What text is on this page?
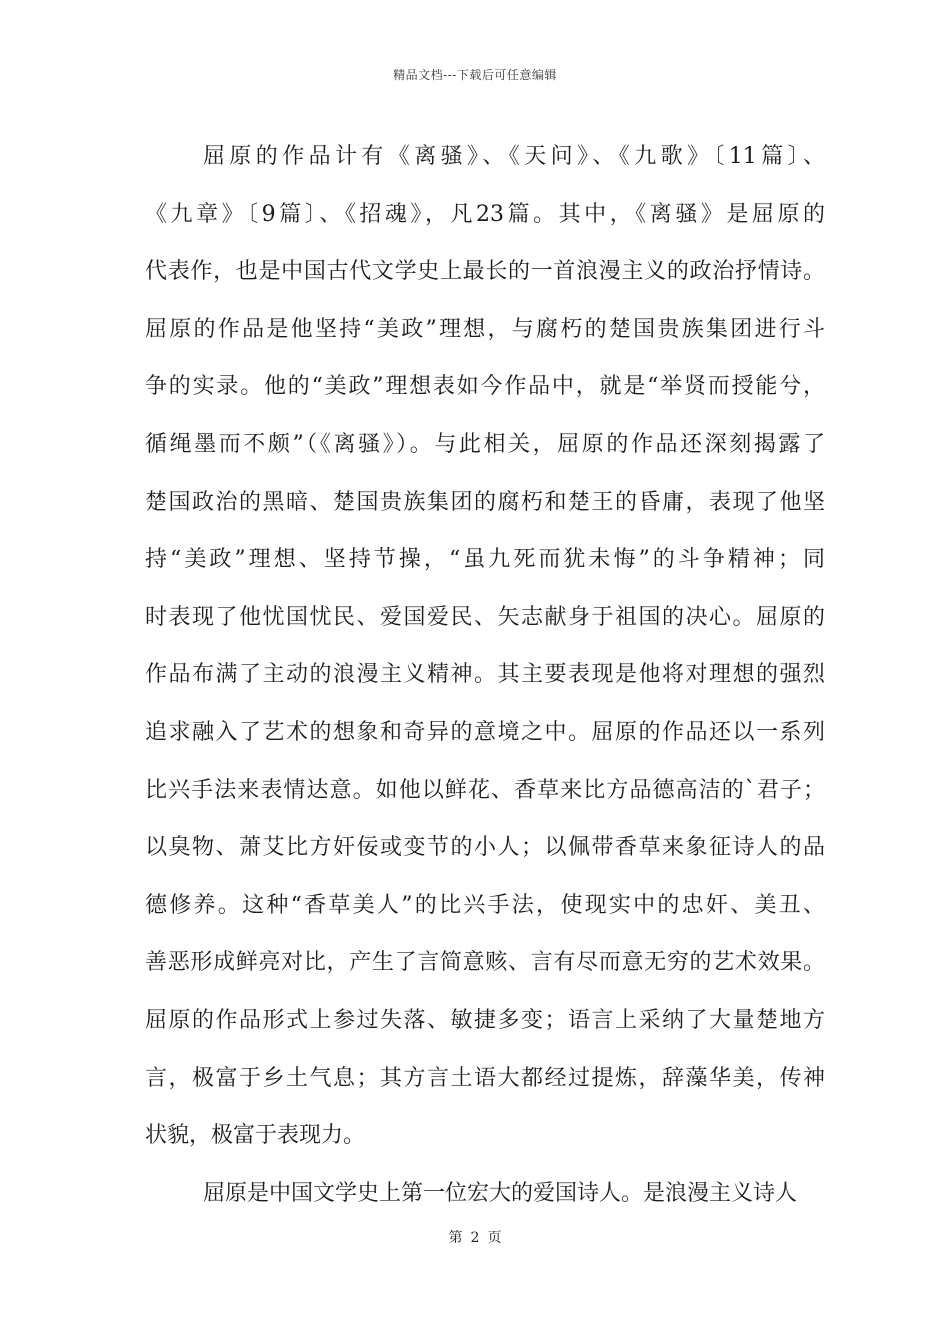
精品文档---下载后可任意编辑
屈原的作品计有《离骚》、《天问》、《九歌》〔11篇〕、
《九章》〔9篇〕、《招魂》，凡23篇。其中，《离骚》是屈原的
代表作，也是中国古代文学史上最长的一首浪漫主义的政治抒情诗。
屈原的作品是他坚持“美政”理想，与腐朽的楚国贵族集团进行斗
争的实录。他的“美政”理想表如今作品中，就是“举贤而授能兮，
循绳墨而不颇”（《离骚》）。与此相关，屈原的作品还深刻揭露了
楚国政治的黑暗、楚国贵族集团的腐朽和楚王的昏庸，表现了他坚
持“美政”理想、坚持节操，“虽九死而犹未悔”的斗争精神；同
时表现了他忧国忧民、爱国爱民、矢志献身于祖国的决心。屈原的
作品布满了主动的浪漫主义精神。其主要表现是他将对理想的强烈
追求融入了艺术的想象和奇异的意境之中。屈原的作品还以一系列
比兴手法来表情达意。如他以鲜花、香草来比方品德高洁的`君子；
以臭物、萧艾比方奸佞或变节的小人；以佩带香草来象征诗人的品
德修养。这种“香草美人”的比兴手法，使现实中的忠奸、美丑、
善恶形成鲜亮对比，产生了言简意赅、言有尽而意无穷的艺术效果。
屈原的作品形式上参过失落、敏捷多变；语言上采纳了大量楚地方
言，极富于乡土气息；其方言土语大都经过提炼，辞藻华美，传神
状貌，极富于表现力。
屈原是中国文学史上第一位宏大的爱国诗人。是浪漫主义诗人
第 2 页
